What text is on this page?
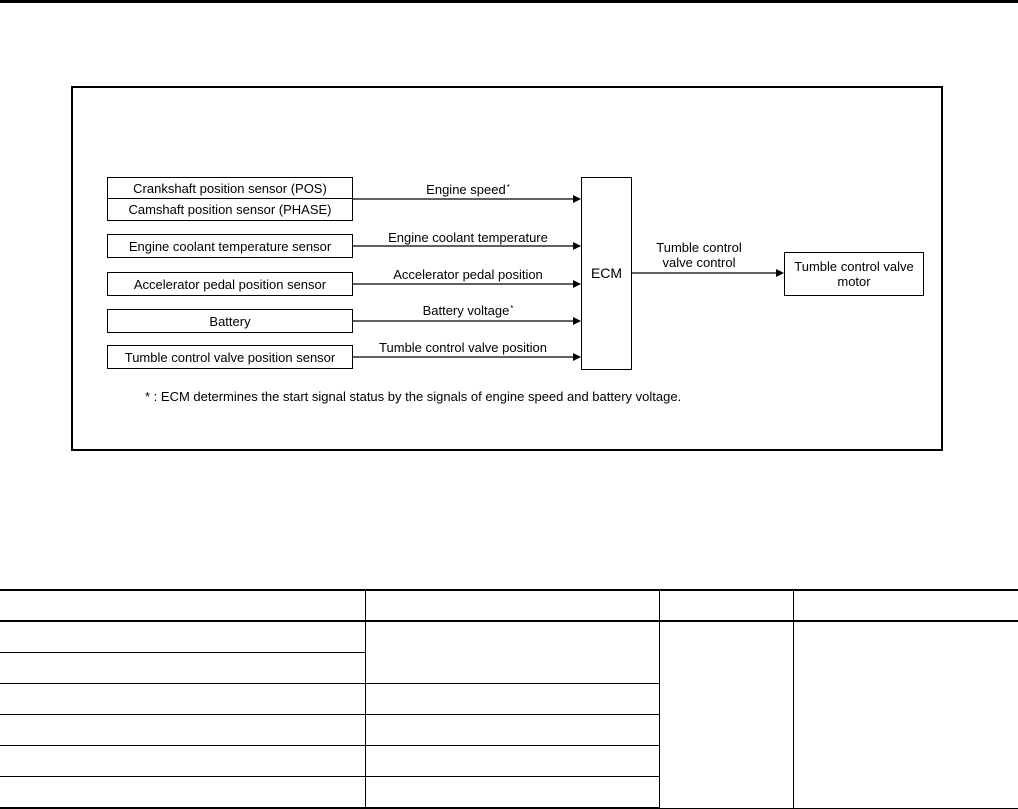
Crankshaft position sensor (POS)
Camshaft position sensor (PHASE)
Engine coolant temperature sensor
Accelerator pedal position sensor
Battery
Tumble control valve position sensor
ECM	Tumble control valve
motor
Engine speed*
Engine coolant temperature
Accelerator pedal position
Battery voltage*
Tumble control valve position
Tumble control
valve control
* : ECM determines the start signal status by the signals of engine speed and battery voltage.
